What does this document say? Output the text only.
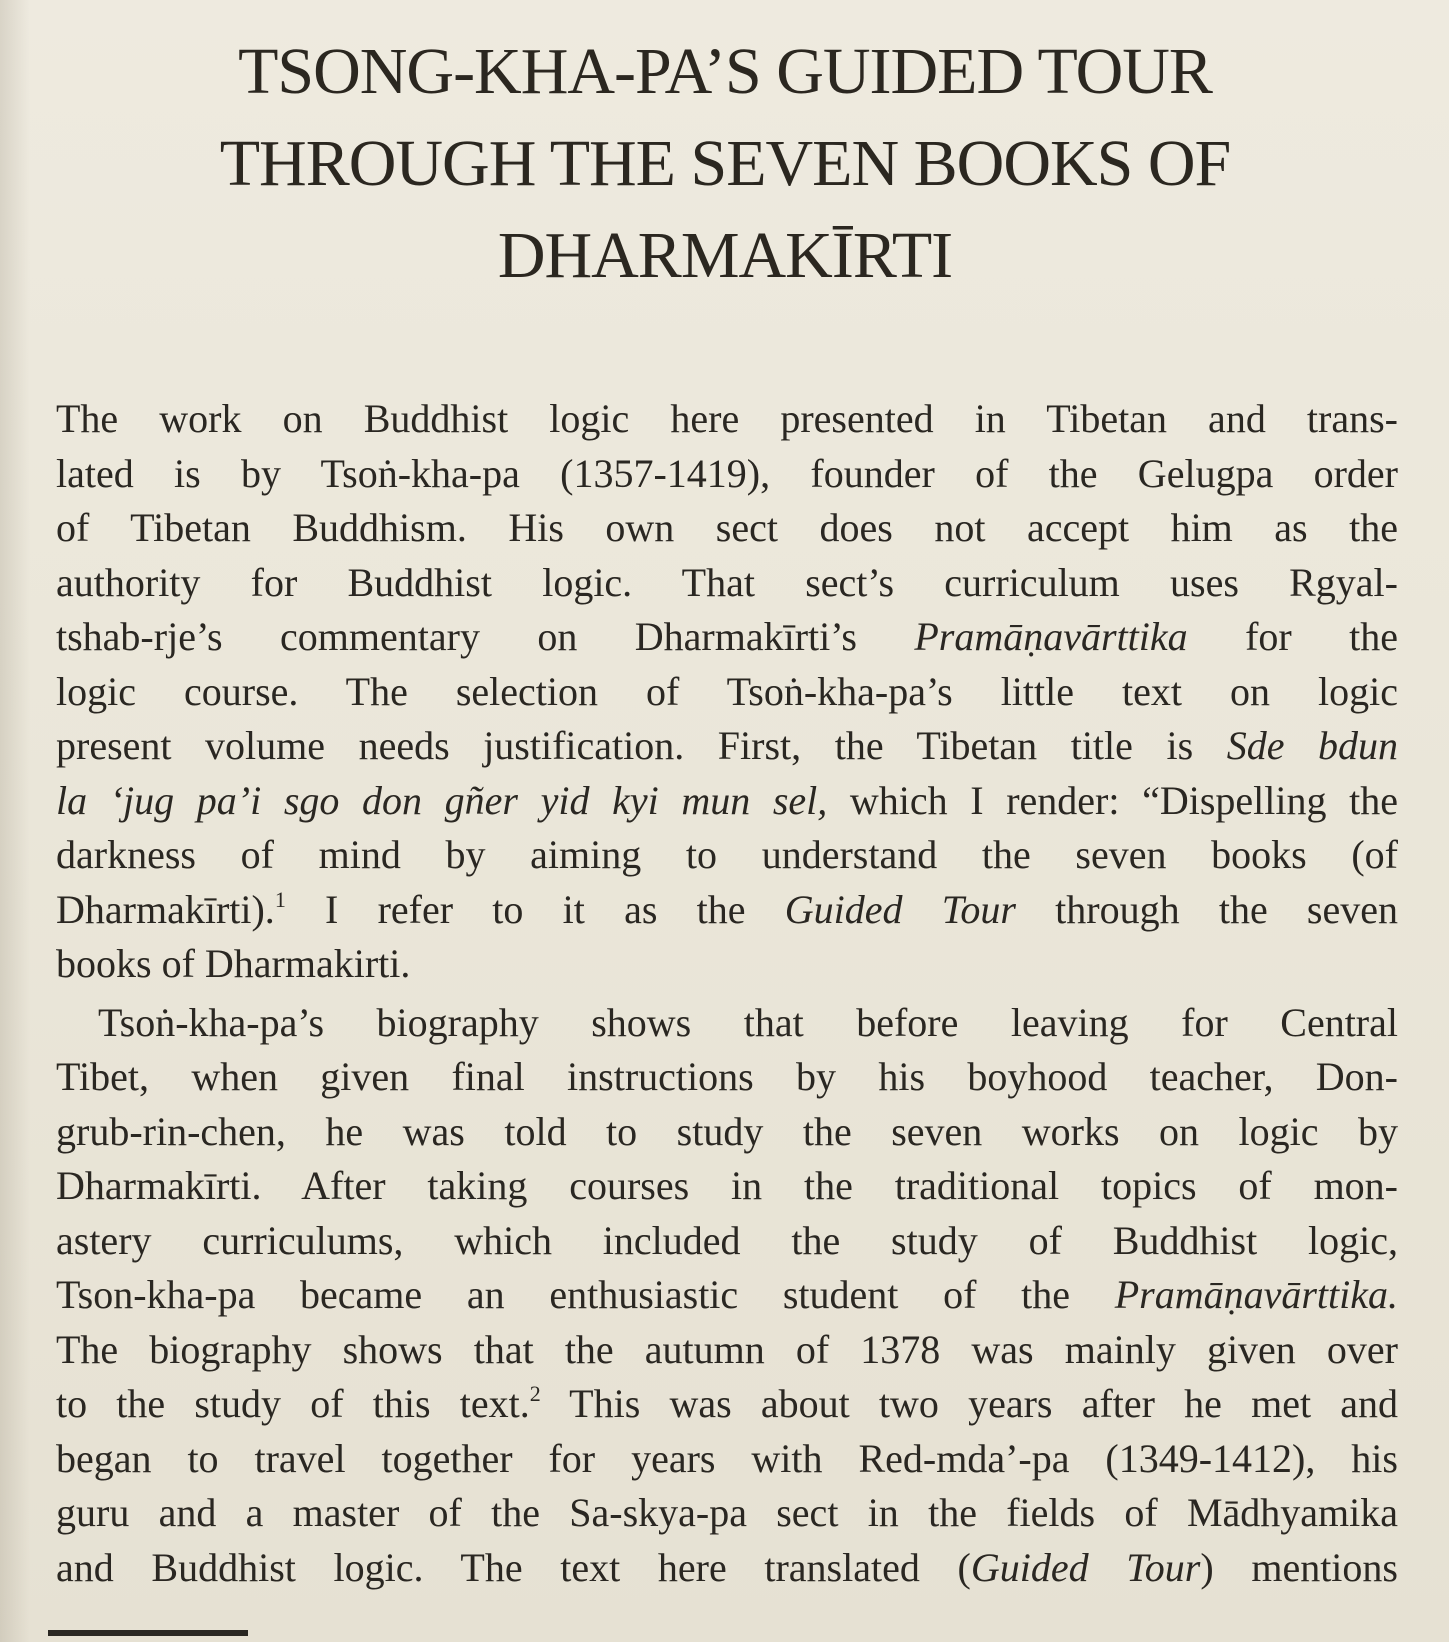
TSONG-KHA-PA’S GUIDED TOUR
THROUGH THE SEVEN BOOKS OF
DHARMAKĪRTI

The work on Buddhist logic here presented in Tibetan and trans-
lated is by Tsoṅ-kha-pa (1357-1419), founder of the Gelugpa order
of Tibetan Buddhism. His own sect does not accept him as the
authority for Buddhist logic. That sect’s curriculum uses Rgyal-
tshab-rje’s commentary on Dharmakīrti’s Pramāṇavārttika for the
logic course. The selection of Tsoṅ-kha-pa’s little text on logic
present volume needs justification. First, the Tibetan title is Sde bdun
la ‘jug pa’i sgo don gñer yid kyi mun sel, which I render: “Dispelling the
darkness of mind by aiming to understand the seven books (of
Dharmakīrti).$^1$ I refer to it as the Guided Tour through the seven
books of Dharmakirti.

Tsoṅ-kha-pa’s biography shows that before leaving for Central
Tibet, when given final instructions by his boyhood teacher, Don-
grub-rin-chen, he was told to study the seven works on logic by
Dharmakīrti. After taking courses in the traditional topics of mon-
astery curriculums, which included the study of Buddhist logic,
Tson-kha-pa became an enthusiastic student of the Pramāṇavārttika.
The biography shows that the autumn of 1378 was mainly given over
to the study of this text.$^2$ This was about two years after he met and
began to travel together for years with Red-mda’-pa (1349-1412), his
guru and a master of the Sa-skya-pa sect in the fields of Mādhyamika
and Buddhist logic. The text here translated (Guided Tour) mentions
